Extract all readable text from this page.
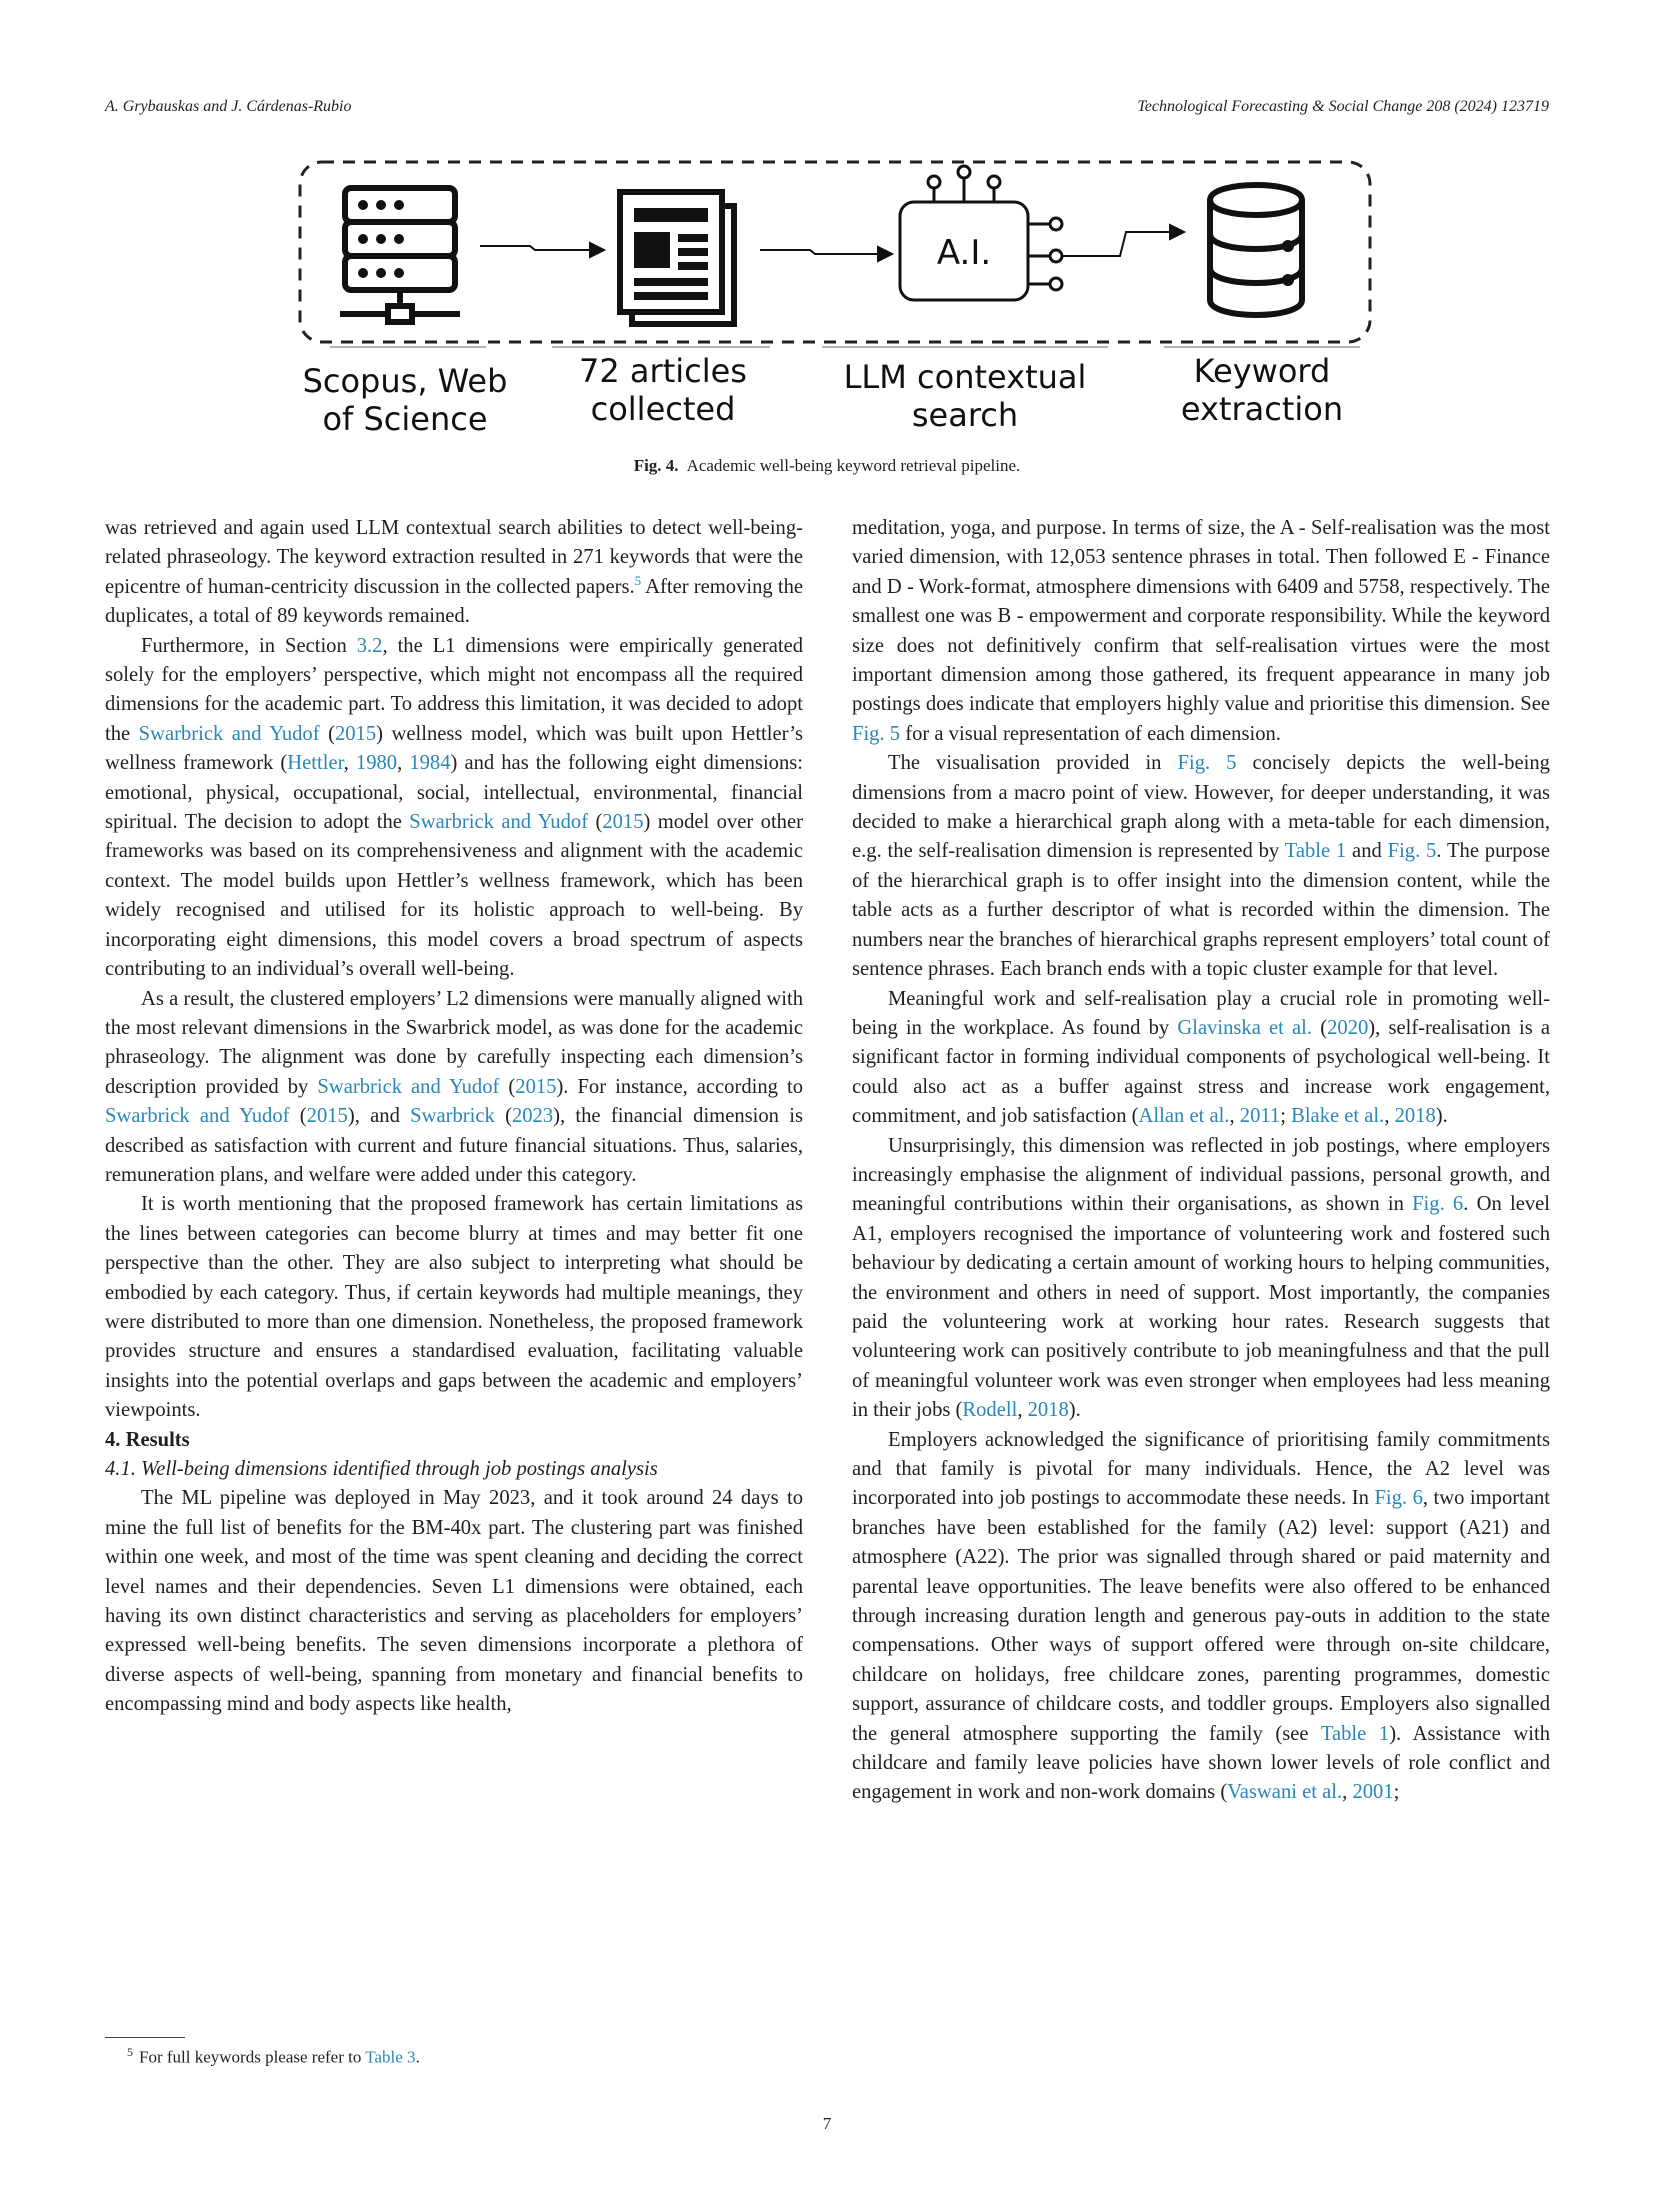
A. Grybauskas and J. Cárdenas-Rubio	Technological Forecasting & Social Change 208 (2024) 123719
A.I.
Scopus, Web
of Science
72 articles
collected
LLM contextual
search
Keyword
extraction
Fig. 4. Academic well-being keyword retrieval pipeline.

was retrieved and again used LLM contextual search abilities to detect well-being-related phraseology. The keyword extraction resulted in 271 keywords that were the epicentre of human-centricity discussion in the collected papers.$^5$ After removing the duplicates, a total of 89 keywords remained.

Furthermore, in Section 3.2, the L1 dimensions were empirically generated solely for the employers’ perspective, which might not encompass all the required dimensions for the academic part. To address this limitation, it was decided to adopt the Swarbrick and Yudof (2015) wellness model, which was built upon Hettler’s wellness framework (Hettler, 1980, 1984) and has the following eight dimensions: emotional, physical, occupational, social, intellectual, environmental, financial spiritual. The decision to adopt the Swarbrick and Yudof (2015) model over other frameworks was based on its comprehensiveness and alignment with the academic context. The model builds upon Hettler’s wellness framework, which has been widely recognised and utilised for its holistic approach to well-being. By incorporating eight dimensions, this model covers a broad spectrum of aspects contributing to an individual’s overall well-being.

As a result, the clustered employers’ L2 dimensions were manually aligned with the most relevant dimensions in the Swarbrick model, as was done for the academic phraseology. The alignment was done by carefully inspecting each dimension’s description provided by Swarbrick and Yudof (2015). For instance, according to Swarbrick and Yudof (2015), and Swarbrick (2023), the financial dimension is described as satisfaction with current and future financial situations. Thus, salaries, remuneration plans, and welfare were added under this category.

It is worth mentioning that the proposed framework has certain limitations as the lines between categories can become blurry at times and may better fit one perspective than the other. They are also subject to interpreting what should be embodied by each category. Thus, if certain keywords had multiple meanings, they were distributed to more than one dimension. Nonetheless, the proposed framework provides structure and ensures a standardised evaluation, facilitating valuable insights into the potential overlaps and gaps between the academic and employers’ viewpoints.

4. Results

4.1. Well-being dimensions identified through job postings analysis

The ML pipeline was deployed in May 2023, and it took around 24 days to mine the full list of benefits for the BM-40x part. The clustering part was finished within one week, and most of the time was spent cleaning and deciding the correct level names and their dependencies. Seven L1 dimensions were obtained, each having its own distinct characteristics and serving as placeholders for employers’ expressed well-being benefits. The seven dimensions incorporate a plethora of diverse aspects of well-being, spanning from monetary and financial benefits to encompassing mind and body aspects like health,

meditation, yoga, and purpose. In terms of size, the A - Self-realisation was the most varied dimension, with 12,053 sentence phrases in total. Then followed E - Finance and D - Work-format, atmosphere dimensions with 6409 and 5758, respectively. The smallest one was B - empowerment and corporate responsibility. While the keyword size does not definitively confirm that self-realisation virtues were the most important dimension among those gathered, its frequent appearance in many job postings does indicate that employers highly value and prioritise this dimension. See Fig. 5 for a visual representation of each dimension.

The visualisation provided in Fig. 5 concisely depicts the well-being dimensions from a macro point of view. However, for deeper understanding, it was decided to make a hierarchical graph along with a meta-table for each dimension, e.g. the self-realisation dimension is represented by Table 1 and Fig. 5. The purpose of the hierarchical graph is to offer insight into the dimension content, while the table acts as a further descriptor of what is recorded within the dimension. The numbers near the branches of hierarchical graphs represent employers’ total count of sentence phrases. Each branch ends with a topic cluster example for that level.

Meaningful work and self-realisation play a crucial role in promoting well-being in the workplace. As found by Glavinska et al. (2020), self-realisation is a significant factor in forming individual components of psychological well-being. It could also act as a buffer against stress and increase work engagement, commitment, and job satisfaction (Allan et al., 2011; Blake et al., 2018).

Unsurprisingly, this dimension was reflected in job postings, where employers increasingly emphasise the alignment of individual passions, personal growth, and meaningful contributions within their organisations, as shown in Fig. 6. On level A1, employers recognised the importance of volunteering work and fostered such behaviour by dedicating a certain amount of working hours to helping communities, the environment and others in need of support. Most importantly, the companies paid the volunteering work at working hour rates. Research suggests that volunteering work can positively contribute to job meaningfulness and that the pull of meaningful volunteer work was even stronger when employees had less meaning in their jobs (Rodell, 2018).

Employers acknowledged the significance of prioritising family commitments and that family is pivotal for many individuals. Hence, the A2 level was incorporated into job postings to accommodate these needs. In Fig. 6, two important branches have been established for the family (A2) level: support (A21) and atmosphere (A22). The prior was signalled through shared or paid maternity and parental leave opportunities. The leave benefits were also offered to be enhanced through increasing duration length and generous pay-outs in addition to the state compensations. Other ways of support offered were through on-site childcare, childcare on holidays, free childcare zones, parenting programmes, domestic support, assurance of childcare costs, and toddler groups. Employers also signalled the general atmosphere supporting the family (see Table 1). Assistance with childcare and family leave policies have shown lower levels of role conflict and engagement in work and non-work domains (Vaswani et al., 2001;

$^5$ For full keywords please refer to Table 3.
7
